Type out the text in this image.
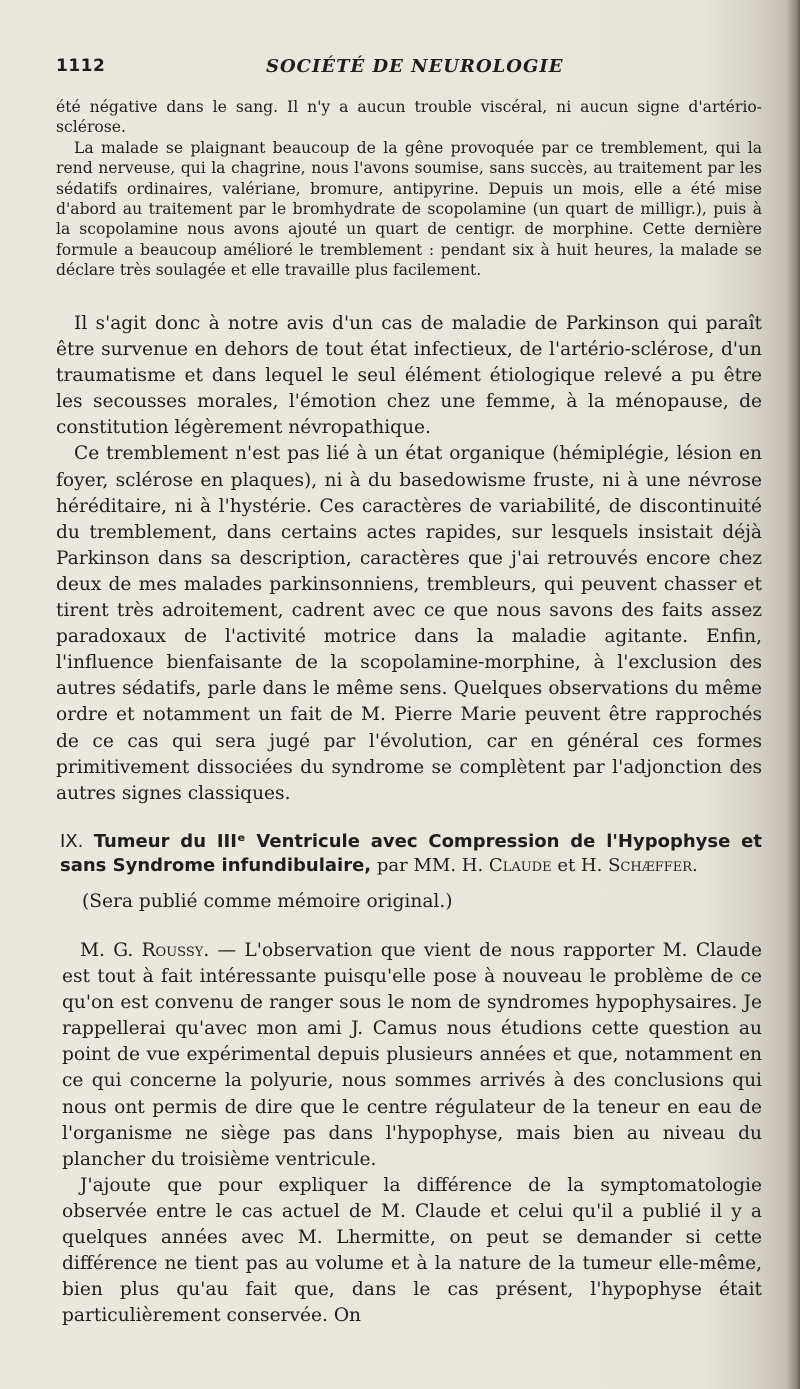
1112	SOCIÉTÉ DE NEUROLOGIE

été négative dans le sang. Il n'y a aucun trouble viscéral, ni aucun signe d'artério-sclérose.

La malade se plaignant beaucoup de la gêne provoquée par ce tremblement, qui la rend nerveuse, qui la chagrine, nous l'avons soumise, sans succès, au traitement par les sédatifs ordinaires, valériane, bromure, antipyrine. Depuis un mois, elle a été mise d'abord au traitement par le bromhydrate de scopolamine (un quart de milligr.), puis à la scopolamine nous avons ajouté un quart de centigr. de morphine. Cette dernière formule a beaucoup amélioré le tremblement : pendant six à huit heures, la malade se déclare très soulagée et elle travaille plus facilement.

Il s'agit donc à notre avis d'un cas de maladie de Parkinson qui paraît être survenue en dehors de tout état infectieux, de l'artério-sclérose, d'un traumatisme et dans lequel le seul élément étiologique relevé a pu être les secousses morales, l'émotion chez une femme, à la ménopause, de constitution légèrement névropathique.

Ce tremblement n'est pas lié à un état organique (hémiplégie, lésion en foyer, sclérose en plaques), ni à du basedowisme fruste, ni à une névrose héréditaire, ni à l'hystérie. Ces caractères de variabilité, de discontinuité du tremblement, dans certains actes rapides, sur lesquels insistait déjà Parkinson dans sa description, caractères que j'ai retrouvés encore chez deux de mes malades parkinsonniens, trembleurs, qui peuvent chasser et tirent très adroitement, cadrent avec ce que nous savons des faits assez paradoxaux de l'activité motrice dans la maladie agitante. Enfin, l'influence bienfaisante de la scopolamine-morphine, à l'exclusion des autres sédatifs, parle dans le même sens. Quelques observations du même ordre et notamment un fait de M. Pierre Marie peuvent être rapprochés de ce cas qui sera jugé par l'évolution, car en général ces formes primitivement dissociées du syndrome se complètent par l'adjonction des autres signes classiques.

IX. Tumeur du IIIᵉ Ventricule avec Compression de l'Hypophyse et sans Syndrome infundibulaire, par MM. H. Claude et H. Schæffer.

(Sera publié comme mémoire original.)

M. G. Roussy. — L'observation que vient de nous rapporter M. Claude est tout à fait intéressante puisqu'elle pose à nouveau le problème de ce qu'on est convenu de ranger sous le nom de syndromes hypophysaires. Je rappellerai qu'avec mon ami J. Camus nous étudions cette question au point de vue expérimental depuis plusieurs années et que, notamment en ce qui concerne la polyurie, nous sommes arrivés à des conclusions qui nous ont permis de dire que le centre régulateur de la teneur en eau de l'organisme ne siège pas dans l'hypophyse, mais bien au niveau du plancher du troisième ventricule.

J'ajoute que pour expliquer la différence de la symptomatologie observée entre le cas actuel de M. Claude et celui qu'il a publié il y a quelques années avec M. Lhermitte, on peut se demander si cette différence ne tient pas au volume et à la nature de la tumeur elle-même, bien plus qu'au fait que, dans le cas présent, l'hypophyse était particulièrement conservée. On
